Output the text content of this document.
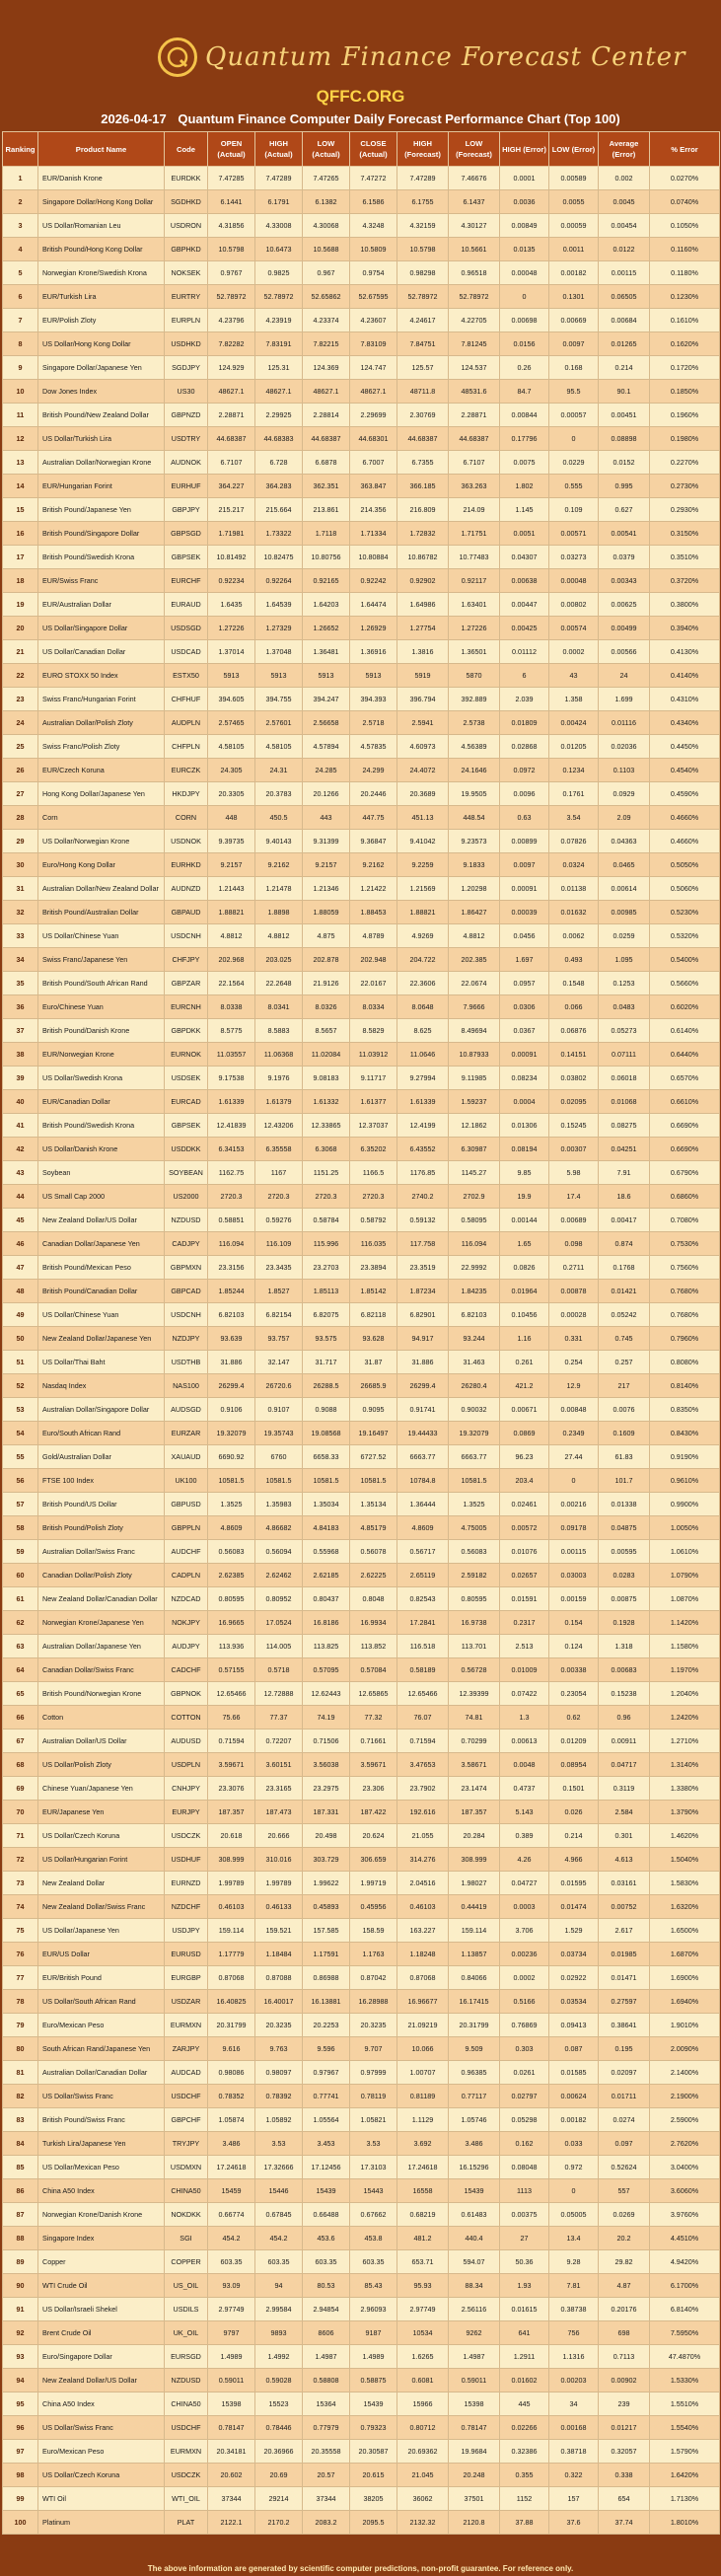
Quantum Finance Forecast Center
QFFC.ORG
2026-04-17 Quantum Finance Computer Daily Forecast Performance Chart (Top 100)
Ranking	Product Name	Code	OPEN (Actual)	HIGH (Actual)	LOW (Actual)	CLOSE (Actual)	HIGH (Forecast)	LOW (Forecast)	HIGH (Error)	LOW (Error)	Average (Error)	% Error
1	EUR/Danish Krone	EURDKK	7.47285	7.47289	7.47265	7.47272	7.47289	7.46676	0.0001	0.00589	0.002	0.0270%
2	Singapore Dollar/Hong Kong Dollar	SGDHKD	6.1441	6.1791	6.1382	6.1586	6.1755	6.1437	0.0036	0.0055	0.0045	0.0740%
3	US Dollar/Romanian Leu	USDRON	4.31856	4.33008	4.30068	4.3248	4.32159	4.30127	0.00849	0.00059	0.00454	0.1050%
4	British Pound/Hong Kong Dollar	GBPHKD	10.5798	10.6473	10.5688	10.5809	10.5798	10.5661	0.0135	0.0011	0.0122	0.1160%
5	Norwegian Krone/Swedish Krona	NOKSEK	0.9767	0.9825	0.967	0.9754	0.98298	0.96518	0.00048	0.00182	0.00115	0.1180%
6	EUR/Turkish Lira	EURTRY	52.78972	52.78972	52.65862	52.67595	52.78972	52.78972	0	0.1301	0.06505	0.1230%
7	EUR/Polish Zloty	EURPLN	4.23796	4.23919	4.23374	4.23607	4.24617	4.22705	0.00698	0.00669	0.00684	0.1610%
8	US Dollar/Hong Kong Dollar	USDHKD	7.82282	7.83191	7.82215	7.83109	7.84751	7.81245	0.0156	0.0097	0.01265	0.1620%
9	Singapore Dollar/Japanese Yen	SGDJPY	124.929	125.31	124.369	124.747	125.57	124.537	0.26	0.168	0.214	0.1720%
10	Dow Jones Index	US30	48627.1	48627.1	48627.1	48627.1	48711.8	48531.6	84.7	95.5	90.1	0.1850%
11	British Pound/New Zealand Dollar	GBPNZD	2.28871	2.29925	2.28814	2.29699	2.30769	2.28871	0.00844	0.00057	0.00451	0.1960%
12	US Dollar/Turkish Lira	USDTRY	44.68387	44.68383	44.68387	44.68301	44.68387	44.68387	0.17796	0	0.08898	0.1980%
13	Australian Dollar/Norwegian Krone	AUDNOK	6.7107	6.728	6.6878	6.7007	6.7355	6.7107	0.0075	0.0229	0.0152	0.2270%
14	EUR/Hungarian Forint	EURHUF	364.227	364.283	362.351	363.847	366.185	363.263	1.802	0.555	0.995	0.2730%
15	British Pound/Japanese Yen	GBPJPY	215.217	215.664	213.861	214.356	216.809	214.09	1.145	0.109	0.627	0.2930%
16	British Pound/Singapore Dollar	GBPSGD	1.71981	1.73322	1.7118	1.71334	1.72832	1.71751	0.0051	0.00571	0.00541	0.3150%
17	British Pound/Swedish Krona	GBPSEK	10.81492	10.82475	10.80756	10.80884	10.86782	10.77483	0.04307	0.03273	0.0379	0.3510%
18	EUR/Swiss Franc	EURCHF	0.92234	0.92264	0.92165	0.92242	0.92902	0.92117	0.00638	0.00048	0.00343	0.3720%
19	EUR/Australian Dollar	EURAUD	1.6435	1.64539	1.64203	1.64474	1.64986	1.63401	0.00447	0.00802	0.00625	0.3800%
20	US Dollar/Singapore Dollar	USDSGD	1.27226	1.27329	1.26652	1.26929	1.27754	1.27226	0.00425	0.00574	0.00499	0.3940%
21	US Dollar/Canadian Dollar	USDCAD	1.37014	1.37048	1.36481	1.36916	1.3816	1.36501	0.01112	0.0002	0.00566	0.4130%
22	EURO STOXX 50 Index	ESTX50	5913	5913	5913	5913	5919	5870	6	43	24	0.4140%
23	Swiss Franc/Hungarian Forint	CHFHUF	394.605	394.755	394.247	394.393	396.794	392.889	2.039	1.358	1.699	0.4310%
24	Australian Dollar/Polish Zloty	AUDPLN	2.57465	2.57601	2.56658	2.5718	2.5941	2.5738	0.01809	0.00424	0.01116	0.4340%
25	Swiss Franc/Polish Zloty	CHFPLN	4.58105	4.58105	4.57894	4.57835	4.60973	4.56389	0.02868	0.01205	0.02036	0.4450%
26	EUR/Czech Koruna	EURCZK	24.305	24.31	24.285	24.299	24.4072	24.1646	0.0972	0.1234	0.1103	0.4540%
27	Hong Kong Dollar/Japanese Yen	HKDJPY	20.3305	20.3783	20.1266	20.2446	20.3689	19.9505	0.0096	0.1761	0.0929	0.4590%
28	Corn	CORN	448	450.5	443	447.75	451.13	448.54	0.63	3.54	2.09	0.4660%
29	US Dollar/Norwegian Krone	USDNOK	9.39735	9.40143	9.31399	9.36847	9.41042	9.23573	0.00899	0.07826	0.04363	0.4660%
30	Euro/Hong Kong Dollar	EURHKD	9.2157	9.2162	9.2157	9.2162	9.2259	9.1833	0.0097	0.0324	0.0465	0.5050%
31	Australian Dollar/New Zealand Dollar	AUDNZD	1.21443	1.21478	1.21346	1.21422	1.21569	1.20298	0.00091	0.01138	0.00614	0.5060%
32	British Pound/Australian Dollar	GBPAUD	1.88821	1.8898	1.88059	1.88453	1.88821	1.86427	0.00039	0.01632	0.00985	0.5230%
33	US Dollar/Chinese Yuan	USDCNH	4.8812	4.8812	4.875	4.8789	4.9269	4.8812	0.0456	0.0062	0.0259	0.5320%
34	Swiss Franc/Japanese Yen	CHFJPY	202.968	203.025	202.878	202.948	204.722	202.385	1.697	0.493	1.095	0.5400%
35	British Pound/South African Rand	GBPZAR	22.1564	22.2648	21.9126	22.0167	22.3606	22.0674	0.0957	0.1548	0.1253	0.5660%
36	Euro/Chinese Yuan	EURCNH	8.0338	8.0341	8.0326	8.0334	8.0648	7.9666	0.0306	0.066	0.0483	0.6020%
37	British Pound/Danish Krone	GBPDKK	8.5775	8.5883	8.5657	8.5829	8.625	8.49694	0.0367	0.06876	0.05273	0.6140%
38	EUR/Norwegian Krone	EURNOK	11.03557	11.06368	11.02084	11.03912	11.0646	10.87933	0.00091	0.14151	0.07111	0.6440%
39	US Dollar/Swedish Krona	USDSEK	9.17538	9.1976	9.08183	9.11717	9.27994	9.11985	0.08234	0.03802	0.06018	0.6570%
40	EUR/Canadian Dollar	EURCAD	1.61339	1.61379	1.61332	1.61377	1.61339	1.59237	0.0004	0.02095	0.01068	0.6610%
41	British Pound/Swedish Krona	GBPSEK	12.41839	12.43206	12.33865	12.37037	12.4199	12.1862	0.01306	0.15245	0.08275	0.6690%
42	US Dollar/Danish Krone	USDDKK	6.34153	6.35558	6.3068	6.35202	6.43552	6.30987	0.08194	0.00307	0.04251	0.6690%
43	Soybean	SOYBEAN	1162.75	1167	1151.25	1166.5	1176.85	1145.27	9.85	5.98	7.91	0.6790%
44	US Small Cap 2000	US2000	2720.3	2720.3	2720.3	2720.3	2740.2	2702.9	19.9	17.4	18.6	0.6860%
45	New Zealand Dollar/US Dollar	NZDUSD	0.58851	0.59276	0.58784	0.58792	0.59132	0.58095	0.00144	0.00689	0.00417	0.7080%
46	Canadian Dollar/Japanese Yen	CADJPY	116.094	116.109	115.996	116.035	117.758	116.094	1.65	0.098	0.874	0.7530%
47	British Pound/Mexican Peso	GBPMXN	23.3156	23.3435	23.2703	23.3894	23.3519	22.9992	0.0826	0.2711	0.1768	0.7560%
48	British Pound/Canadian Dollar	GBPCAD	1.85244	1.8527	1.85113	1.85142	1.87234	1.84235	0.01964	0.00878	0.01421	0.7680%
49	US Dollar/Chinese Yuan	USDCNH	6.82103	6.82154	6.82075	6.82118	6.82901	6.82103	0.10456	0.00028	0.05242	0.7680%
50	New Zealand Dollar/Japanese Yen	NZDJPY	93.639	93.757	93.575	93.628	94.917	93.244	1.16	0.331	0.745	0.7960%
51	US Dollar/Thai Baht	USDTHB	31.886	32.147	31.717	31.87	31.886	31.463	0.261	0.254	0.257	0.8080%
52	Nasdaq Index	NAS100	26299.4	26720.6	26288.5	26685.9	26299.4	26280.4	421.2	12.9	217	0.8140%
53	Australian Dollar/Singapore Dollar	AUDSGD	0.9106	0.9107	0.9088	0.9095	0.91741	0.90032	0.00671	0.00848	0.0076	0.8350%
54	Euro/South African Rand	EURZAR	19.32079	19.35743	19.08568	19.16497	19.44433	19.32079	0.0869	0.2349	0.1609	0.8430%
55	Gold/Australian Dollar	XAUAUD	6690.92	6760	6658.33	6727.52	6663.77	6663.77	96.23	27.44	61.83	0.9190%
56	FTSE 100 Index	UK100	10581.5	10581.5	10581.5	10581.5	10784.8	10581.5	203.4	0	101.7	0.9610%
57	British Pound/US Dollar	GBPUSD	1.3525	1.35983	1.35034	1.35134	1.36444	1.3525	0.02461	0.00216	0.01338	0.9900%
58	British Pound/Polish Zloty	GBPPLN	4.8609	4.86682	4.84183	4.85179	4.8609	4.75005	0.00572	0.09178	0.04875	1.0050%
59	Australian Dollar/Swiss Franc	AUDCHF	0.56083	0.56094	0.55968	0.56078	0.56717	0.56083	0.01076	0.00115	0.00595	1.0610%
60	Canadian Dollar/Polish Zloty	CADPLN	2.62385	2.62462	2.62185	2.62225	2.65119	2.59182	0.02657	0.03003	0.0283	1.0790%
61	New Zealand Dollar/Canadian Dollar	NZDCAD	0.80595	0.80952	0.80437	0.8048	0.82543	0.80595	0.01591	0.00159	0.00875	1.0870%
62	Norwegian Krone/Japanese Yen	NOKJPY	16.9665	17.0524	16.8186	16.9934	17.2841	16.9738	0.2317	0.154	0.1928	1.1420%
63	Australian Dollar/Japanese Yen	AUDJPY	113.936	114.005	113.825	113.852	116.518	113.701	2.513	0.124	1.318	1.1580%
64	Canadian Dollar/Swiss Franc	CADCHF	0.57155	0.5718	0.57095	0.57084	0.58189	0.56728	0.01009	0.00338	0.00683	1.1970%
65	British Pound/Norwegian Krone	GBPNOK	12.65466	12.72888	12.62443	12.65865	12.65466	12.39399	0.07422	0.23054	0.15238	1.2040%
66	Cotton	COTTON	75.66	77.37	74.19	77.32	76.07	74.81	1.3	0.62	0.96	1.2420%
67	Australian Dollar/US Dollar	AUDUSD	0.71594	0.72207	0.71506	0.71661	0.71594	0.70299	0.00613	0.01209	0.00911	1.2710%
68	US Dollar/Polish Zloty	USDPLN	3.59671	3.60151	3.56038	3.59671	3.47653	3.58671	0.0048	0.08954	0.04717	1.3140%
69	Chinese Yuan/Japanese Yen	CNHJPY	23.3076	23.3165	23.2975	23.306	23.7902	23.1474	0.4737	0.1501	0.3119	1.3380%
70	EUR/Japanese Yen	EURJPY	187.357	187.473	187.331	187.422	192.616	187.357	5.143	0.026	2.584	1.3790%
71	US Dollar/Czech Koruna	USDCZK	20.618	20.666	20.498	20.624	21.055	20.284	0.389	0.214	0.301	1.4620%
72	US Dollar/Hungarian Forint	USDHUF	308.999	310.016	303.729	306.659	314.276	308.999	4.26	4.966	4.613	1.5040%
73	New Zealand Dollar	EURNZD	1.99789	1.99789	1.99622	1.99719	2.04516	1.98027	0.04727	0.01595	0.03161	1.5830%
74	New Zealand Dollar/Swiss Franc	NZDCHF	0.46103	0.46133	0.45893	0.45956	0.46103	0.44419	0.0003	0.01474	0.00752	1.6320%
75	US Dollar/Japanese Yen	USDJPY	159.114	159.521	157.585	158.59	163.227	159.114	3.706	1.529	2.617	1.6500%
76	EUR/US Dollar	EURUSD	1.17779	1.18484	1.17591	1.1763	1.18248	1.13857	0.00236	0.03734	0.01985	1.6870%
77	EUR/British Pound	EURGBP	0.87068	0.87088	0.86988	0.87042	0.87068	0.84066	0.0002	0.02922	0.01471	1.6900%
78	US Dollar/South African Rand	USDZAR	16.40825	16.40017	16.13881	16.28988	16.96677	16.17415	0.5166	0.03534	0.27597	1.6940%
79	Euro/Mexican Peso	EURMXN	20.31799	20.3235	20.2253	20.3235	21.09219	20.31799	0.76869	0.09413	0.38641	1.9010%
80	South African Rand/Japanese Yen	ZARJPY	9.616	9.763	9.596	9.707	10.066	9.509	0.303	0.087	0.195	2.0090%
81	Australian Dollar/Canadian Dollar	AUDCAD	0.98086	0.98097	0.97967	0.97999	1.00707	0.96385	0.0261	0.01585	0.02097	2.1400%
82	US Dollar/Swiss Franc	USDCHF	0.78352	0.78392	0.77741	0.78119	0.81189	0.77117	0.02797	0.00624	0.01711	2.1900%
83	British Pound/Swiss Franc	GBPCHF	1.05874	1.05892	1.05564	1.05821	1.1129	1.05746	0.05298	0.00182	0.0274	2.5900%
84	Turkish Lira/Japanese Yen	TRYJPY	3.486	3.53	3.453	3.53	3.692	3.486	0.162	0.033	0.097	2.7620%
85	US Dollar/Mexican Peso	USDMXN	17.24618	17.32666	17.12456	17.3103	17.24618	16.15296	0.08048	0.972	0.52624	3.0400%
86	China A50 Index	CHINA50	15459	15446	15439	15443	16558	15439	1113	0	557	3.6060%
87	Norwegian Krone/Danish Krone	NOKDKK	0.66774	0.67845	0.66488	0.67662	0.68219	0.61483	0.00375	0.05005	0.0269	3.9760%
88	Singapore Index	SGI	454.2	454.2	453.6	453.8	481.2	440.4	27	13.4	20.2	4.4510%
89	Copper	COPPER	603.35	603.35	603.35	603.35	653.71	594.07	50.36	9.28	29.82	4.9420%
90	WTI Crude Oil	US_OIL	93.09	94	80.53	85.43	95.93	88.34	1.93	7.81	4.87	6.1700%
91	US Dollar/Israeli Shekel	USDILS	2.97749	2.99584	2.94854	2.96093	2.97749	2.56116	0.01615	0.38738	0.20176	6.8140%
92	Brent Crude Oil	UK_OIL	9797	9893	8606	9187	10534	9262	641	756	698	7.5950%
93	Euro/Singapore Dollar	EURSGD	1.4989	1.4992	1.4987	1.4989	1.6265	1.4987	1.2911	1.1316	0.7113	47.4870%
94	New Zealand Dollar/US Dollar	NZDUSD	0.59011	0.59028	0.58808	0.58875	0.6081	0.59011	0.01602	0.00203	0.00902	1.5330%
95	China A50 Index	CHINA50	15398	15523	15364	15439	15966	15398	445	34	239	1.5510%
96	US Dollar/Swiss Franc	USDCHF	0.78147	0.78446	0.77979	0.79323	0.80712	0.78147	0.02266	0.00168	0.01217	1.5540%
97	Euro/Mexican Peso	EURMXN	20.34181	20.36966	20.35558	20.30587	20.69362	19.9684	0.32386	0.38718	0.32057	1.5790%
98	US Dollar/Czech Koruna	USDCZK	20.602	20.69	20.57	20.615	21.045	20.248	0.355	0.322	0.338	1.6420%
99	WTI Oil	WTI_OIL	37344	29214	37344	38205	36062	37501	1152	157	654	1.7130%
100	Platinum	PLAT	2122.1	2170.2	2083.2	2095.5	2132.32	2120.8	37.88	37.6	37.74	1.8010%
The above information are generated by scientific computer predictions, non-profit guarantee. For reference only.
